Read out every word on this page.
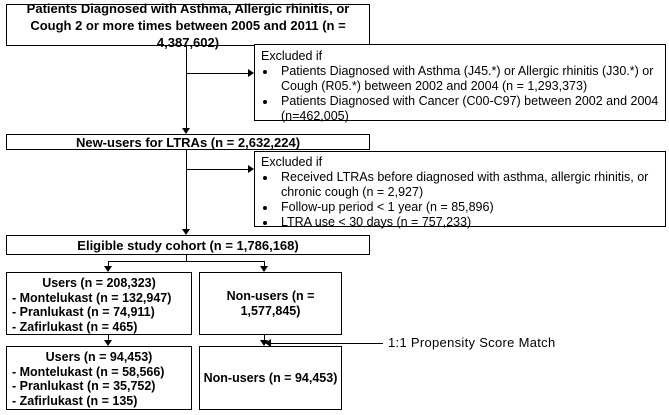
1:1 Propensity Score Match
Patients Diagnosed with Asthma, Allergic rhinitis, or Cough 2 or more times between 2005 and 2011 (n = 4,387,602)
Excluded if
• Patients Diagnosed with Asthma (J45.*) or Allergic rhinitis (J30.*) or Cough (R05.*) between 2002 and 2004 (n = 1,293,373)
• Patients Diagnosed with Cancer (C00-C97) between 2002 and 2004 (n=462,005)
New-users for LTRAs (n = 2,632,224)
Excluded if
• Received LTRAs before diagnosed with asthma, allergic rhinitis, or chronic cough (n = 2,927)
• Follow-up period < 1 year (n = 85,896)
• LTRA use < 30 days (n = 757,233)
Eligible study cohort (n = 1,786,168)
Users (n = 208,323)
- Montelukast (n = 132,947)
- Pranlukast (n = 74,911)
- Zafirlukast (n = 465)
Non-users (n = 1,577,845)
Users (n = 94,453)
- Montelukast (n = 58,566)
- Pranlukast (n = 35,752)
- Zafirlukast (n = 135)
Non-users (n = 94,453)
